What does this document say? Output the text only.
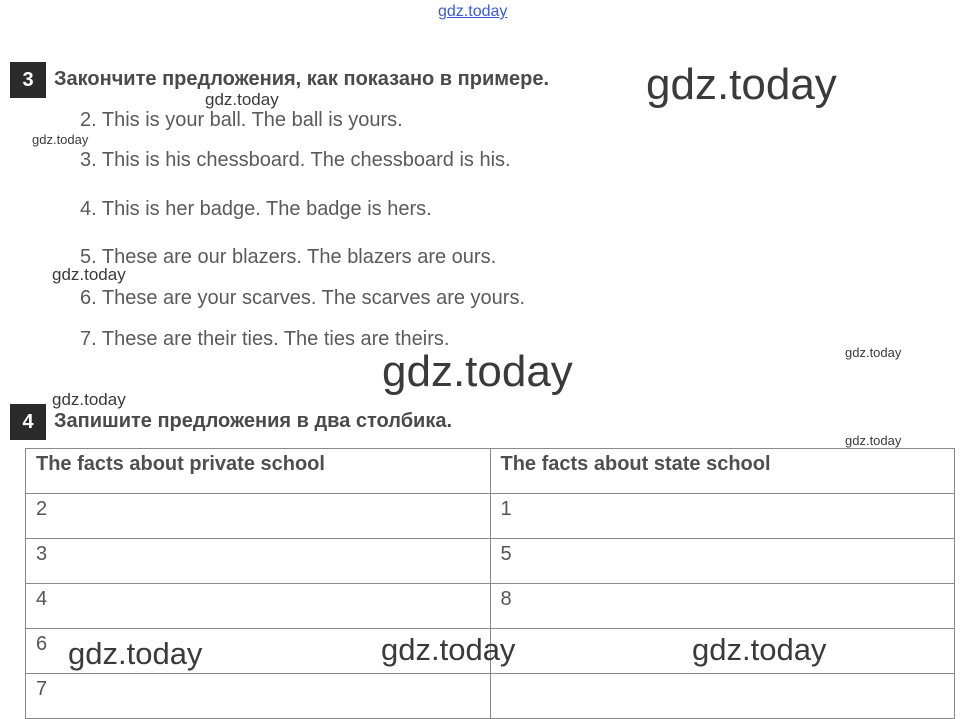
gdz.today
3	Закончите предложения, как показано в примере.
2. This is your ball. The ball is yours.
3. This is his chessboard. The chessboard is his.
4. This is her badge. The badge is hers.
5. These are our blazers. The blazers are ours.
6. These are your scarves. The scarves are yours.
7. These are their ties. The ties are theirs.
4	Запишите предложения в два столбика.
The facts about private school	The facts about state school
2	1
3	5
4	8
6	
7	
gdz.today
gdz.today
gdz.today
gdz.today
gdz.today
gdz.today
gdz.today
gdz.today
gdz.today	gdz.today	gdz.today
